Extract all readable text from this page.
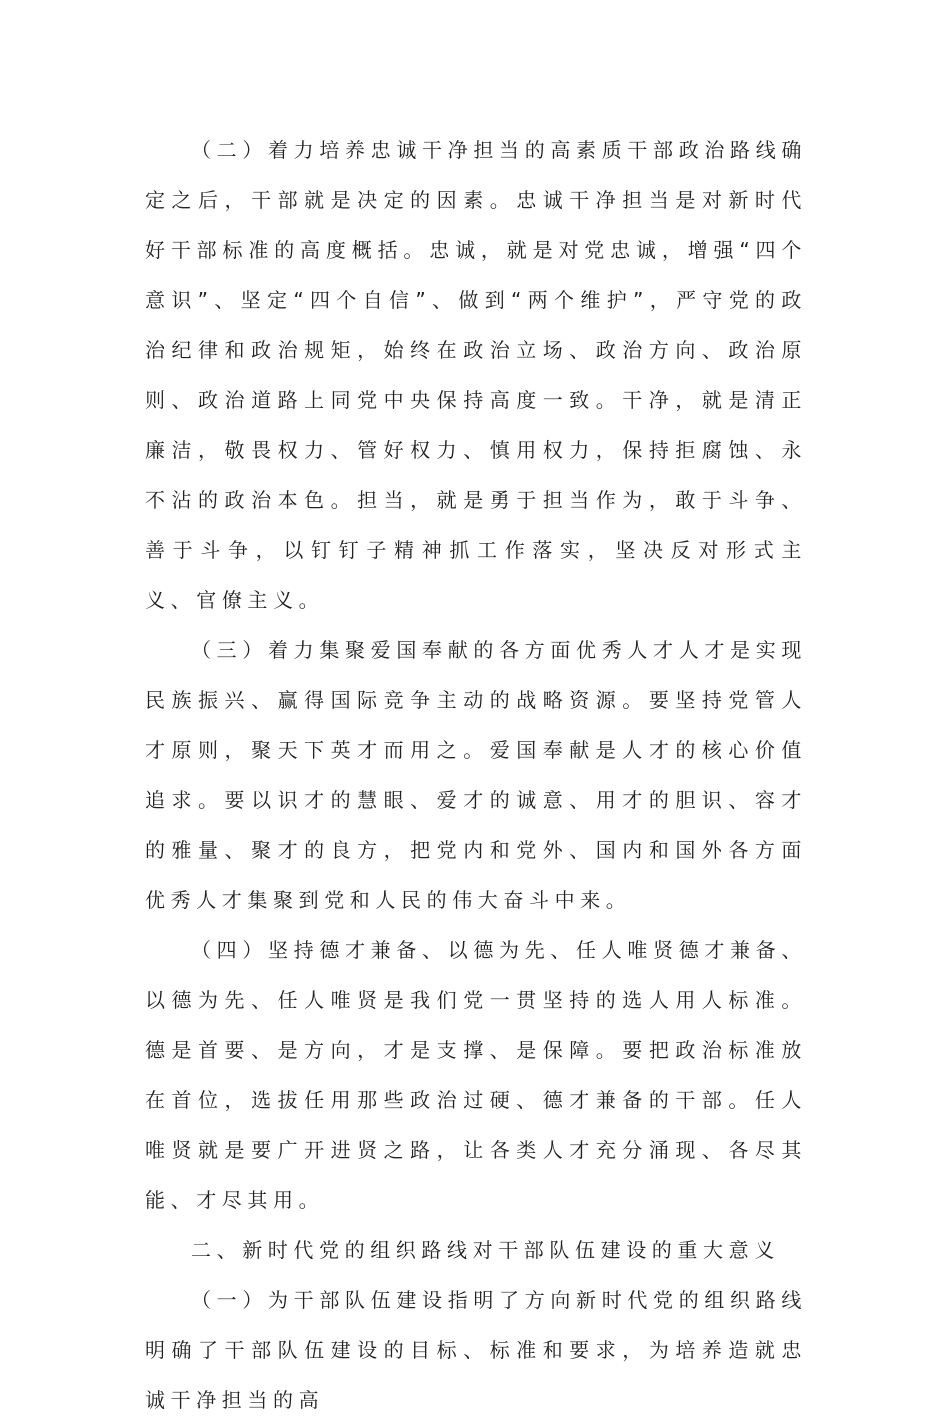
（二）着力培养忠诚干净担当的高素质干部政治路线确定之后，干部就是决定的因素。忠诚干净担当是对新时代好干部标准的高度概括。忠诚，就是对党忠诚，增强“四个意识”、坚定“四个自信”、做到“两个维护”，严守党的政治纪律和政治规矩，始终在政治立场、政治方向、政治原则、政治道路上同党中央保持高度一致。干净，就是清正廉洁，敬畏权力、管好权力、慎用权力，保持拒腐蚀、永不沾的政治本色。担当，就是勇于担当作为，敢于斗争、善于斗争，以钉钉子精神抓工作落实，坚决反对形式主义、官僚主义。

（三）着力集聚爱国奉献的各方面优秀人才人才是实现民族振兴、赢得国际竞争主动的战略资源。要坚持党管人才原则，聚天下英才而用之。爱国奉献是人才的核心价值追求。要以识才的慧眼、爱才的诚意、用才的胆识、容才的雅量、聚才的良方，把党内和党外、国内和国外各方面优秀人才集聚到党和人民的伟大奋斗中来。

（四）坚持德才兼备、以德为先、任人唯贤德才兼备、以德为先、任人唯贤是我们党一贯坚持的选人用人标准。德是首要、是方向，才是支撑、是保障。要把政治标准放在首位，选拔任用那些政治过硬、德才兼备的干部。任人唯贤就是要广开进贤之路，让各类人才充分涌现、各尽其能、才尽其用。

二、新时代党的组织路线对干部队伍建设的重大意义

（一）为干部队伍建设指明了方向新时代党的组织路线明确了干部队伍建设的目标、标准和要求，为培养造就忠诚干净担当的高
